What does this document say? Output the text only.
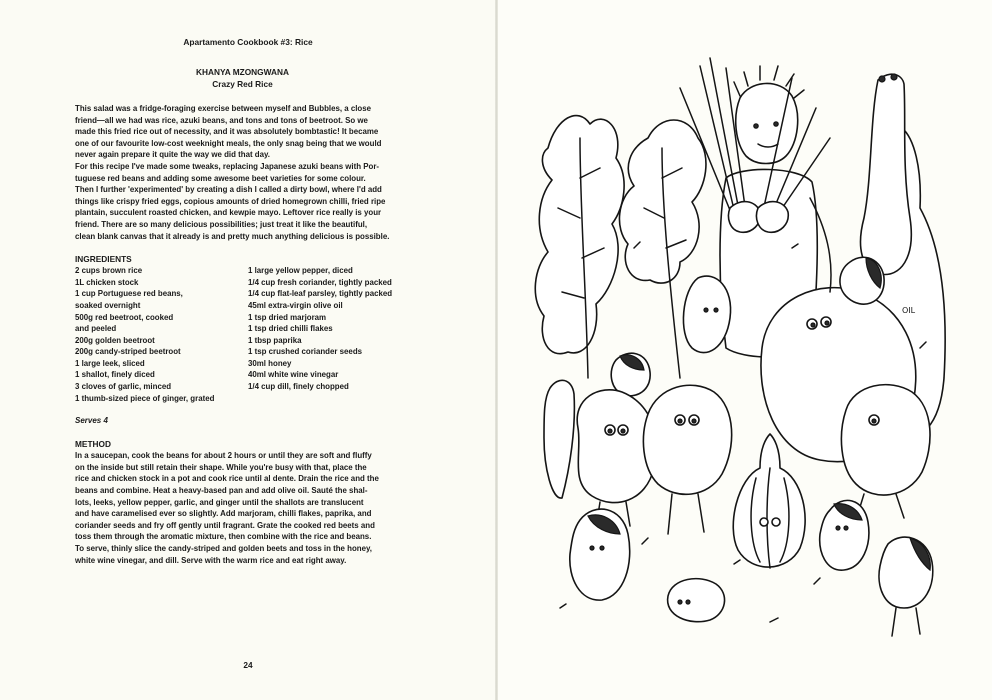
Apartamento Cookbook #3: Rice
KHANYA MZONGWANA
Crazy Red Rice
This salad was a fridge-foraging exercise between myself and Bubbles, a close
friend—all we had was rice, azuki beans, and tons and tons of beetroot. So we
made this fried rice out of necessity, and it was absolutely bombtastic! It became
one of our favourite low-cost weeknight meals, the only snag being that we would
never again prepare it quite the way we did that day.
For this recipe I've made some tweaks, replacing Japanese azuki beans with Por-
tuguese red beans and adding some awesome beet varieties for some colour.
Then I further 'experimented' by creating a dish I called a dirty bowl, where I'd add
things like crispy fried eggs, copious amounts of dried homegrown chilli, fried ripe
plantain, succulent roasted chicken, and kewpie mayo. Leftover rice really is your
friend. There are so many delicious possibilities; just treat it like the beautiful,
clean blank canvas that it already is and pretty much anything delicious is possible.
INGREDIENTS
2 cups brown rice
1L chicken stock
1 cup Portuguese red beans,
soaked overnight
500g red beetroot, cooked
and peeled
200g golden beetroot
200g candy-striped beetroot
1 large leek, sliced
1 shallot, finely diced
3 cloves of garlic, minced
1 thumb-sized piece of ginger, grated
1 large yellow pepper, diced
1/4 cup fresh coriander, tightly packed
1/4 cup flat-leaf parsley, tightly packed
45ml extra-virgin olive oil
1 tsp dried marjoram
1 tsp dried chilli flakes
1 tbsp paprika
1 tsp crushed coriander seeds
30ml honey
40ml white wine vinegar
1/4 cup dill, finely chopped
Serves 4
METHOD
In a saucepan, cook the beans for about 2 hours or until they are soft and fluffy
on the inside but still retain their shape. While you're busy with that, place the
rice and chicken stock in a pot and cook rice until al dente. Drain the rice and the
beans and combine. Heat a heavy-based pan and add olive oil. Sauté the shal-
lots, leeks, yellow pepper, garlic, and ginger until the shallots are translucent
and have caramelised ever so slightly. Add marjoram, chilli flakes, paprika, and
coriander seeds and fry off gently until fragrant. Grate the cooked red beets and
toss them through the aromatic mixture, then combine with the rice and beans.
To serve, thinly slice the candy-striped and golden beets and toss in the honey,
white wine vinegar, and dill. Serve with the warm rice and eat right away.
24
OIL
